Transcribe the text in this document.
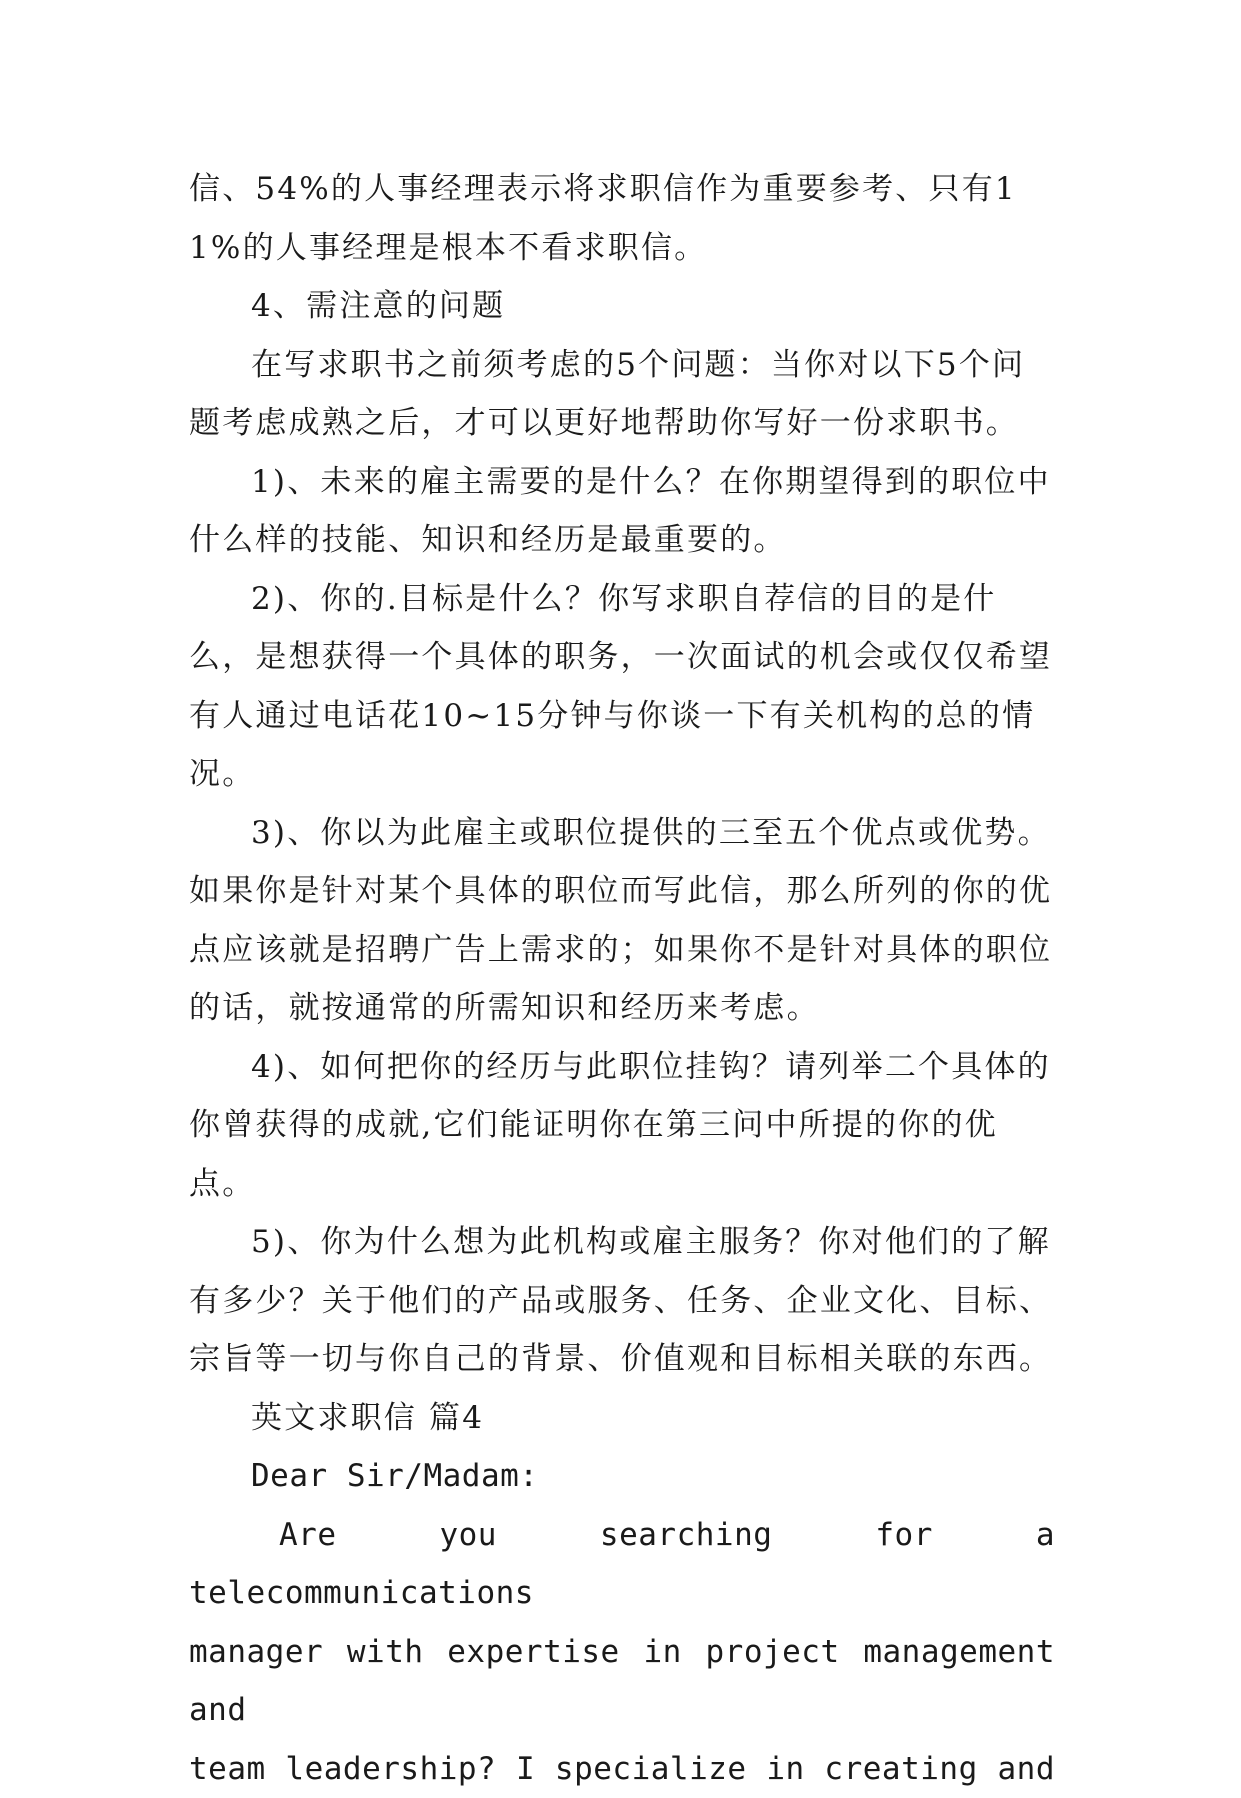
信、54%的人事经理表示将求职信作为重要参考、只有11%的人事经理是根本不看求职信。

4、需注意的问题

在写求职书之前须考虑的5个问题：当你对以下5个问题考虑成熟之后，才可以更好地帮助你写好一份求职书。

1)、未来的雇主需要的是什么？在你期望得到的职位中什么样的技能、知识和经历是最重要的。

2)、你的.目标是什么？你写求职自荐信的目的是什么，是想获得一个具体的职务，一次面试的机会或仅仅希望有人通过电话花10~15分钟与你谈一下有关机构的总的情况。

3)、你以为此雇主或职位提供的三至五个优点或优势。如果你是针对某个具体的职位而写此信，那么所列的你的优点应该就是招聘广告上需求的；如果你不是针对具体的职位的话，就按通常的所需知识和经历来考虑。

4)、如何把你的经历与此职位挂钩？请列举二个具体的你曾获得的成就,它们能证明你在第三问中所提的你的优点。

5)、你为什么想为此机构或雇主服务？你对他们的了解有多少？关于他们的产品或服务、任务、企业文化、目标、宗旨等一切与你自己的背景、价值观和目标相关联的东西。

英文求职信 篇4

Dear Sir/Madam:

Are you searching for a telecommunications

manager with expertise in project management and

team leadership? I specialize in creating and
